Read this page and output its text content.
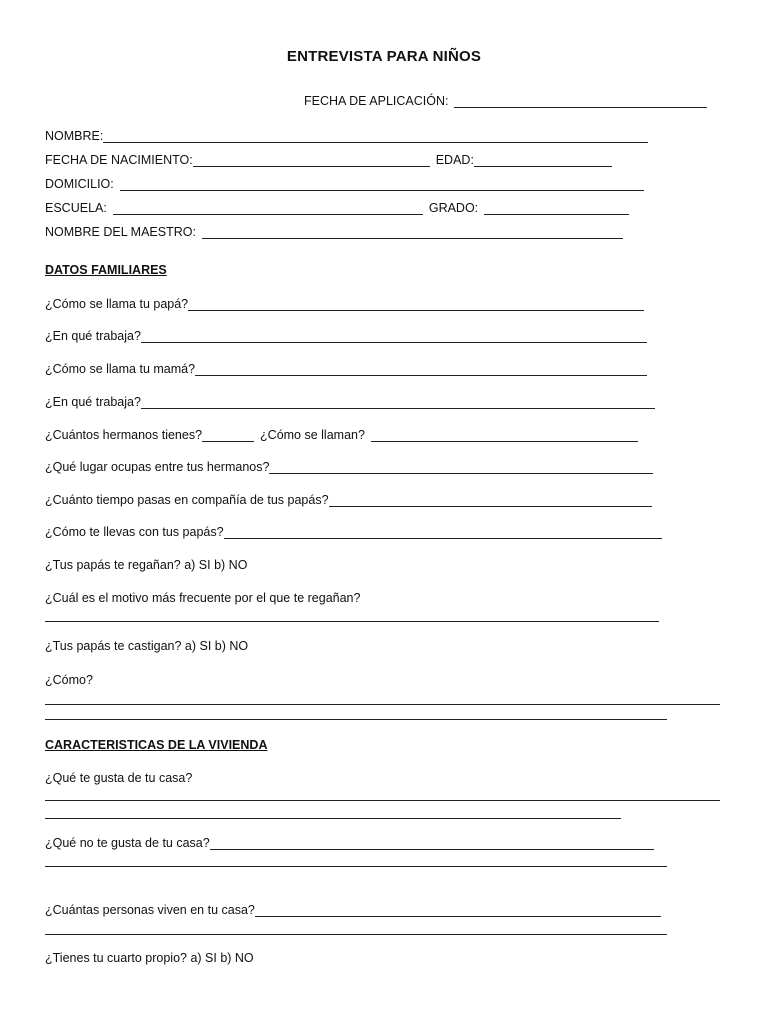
ENTREVISTA PARA NIÑOS
FECHA DE APLICACIÓN:
NOMBRE:
FECHA DE NACIMIENTO:	EDAD:
DOMICILIO:
ESCUELA:	GRADO:
NOMBRE DEL MAESTRO:
DATOS FAMILIARES
¿Cómo se llama tu papá?
¿En qué trabaja?
¿Cómo se llama tu mamá?
¿En qué trabaja?
¿Cuántos hermanos tienes?	¿Cómo se llaman?
¿Qué lugar ocupas entre tus hermanos?
¿Cuánto tiempo pasas en compañía de tus papás?
¿Cómo te llevas con tus papás?
¿Tus papás te regañan? a) SI b) NO
¿Cuál es el motivo más frecuente por el que te regañan?
¿Tus papás te castigan? a) SI b) NO
¿Cómo?
CARACTERISTICAS DE LA VIVIENDA
¿Qué te gusta de tu casa?
¿Qué no te gusta de tu casa?
¿Cuántas personas viven en tu casa?
¿Tienes tu cuarto propio? a) SI b) NO
